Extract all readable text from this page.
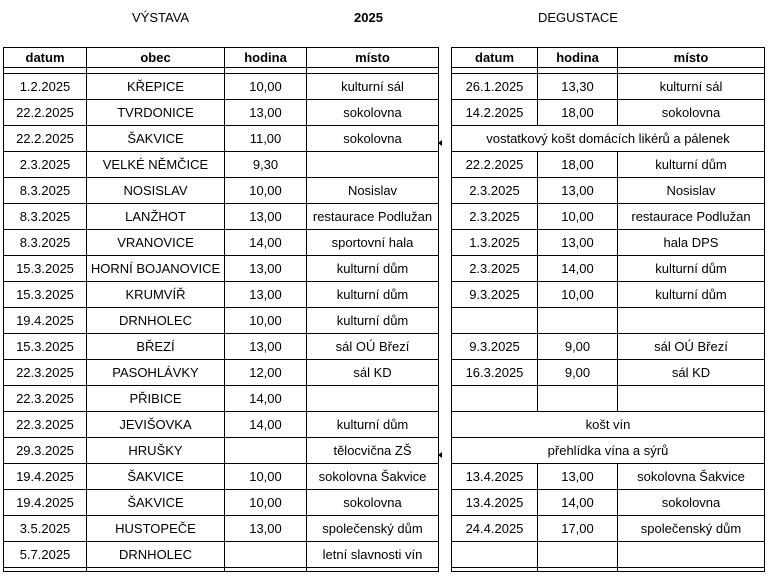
VÝSTAVA	2025	DEGUSTACE
datum	obec	hodina	místo

1.2.2025	KŘEPICE	10,00	kulturní sál
22.2.2025	TVRDONICE	13,00	sokolovna
22.2.2025	ŠAKVICE	11,00	sokolovna
2.3.2025	VELKÉ NĚMČICE	9,30	
8.3.2025	NOSISLAV	10,00	Nosislav
8.3.2025	LANŽHOT	13,00	restaurace Podlužan
8.3.2025	VRANOVICE	14,00	sportovní hala
15.3.2025	HORNÍ BOJANOVICE	13,00	kulturní dům
15.3.2025	KRUMVÍŘ	13,00	kulturní dům
19.4.2025	DRNHOLEC	10,00	kulturní dům
15.3.2025	BŘEZÍ	13,00	sál OÚ Březí
22.3.2025	PASOHLÁVKY	12,00	sál KD
22.3.2025	PŘIBICE	14,00	
22.3.2025	JEVIŠOVKA	14,00	kulturní dům
29.3.2025	HRUŠKY		tělocvična ZŠ
19.4.2025	ŠAKVICE	10,00	sokolovna Šakvice
19.4.2025	ŠAKVICE	10,00	sokolovna
3.5.2025	HUSTOPEČE	13,00	společenský dům
5.7.2025	DRNHOLEC		letní slavnosti vín

datum	hodina	místo

26.1.2025	13,30	kulturní sál
14.2.2025	18,00	sokolovna
vostatkový košt domácích likérů a pálenek		
22.2.2025	18,00	kulturní dům
2.3.2025	13,00	Nosislav
2.3.2025	10,00	restaurace Podlužan
1.3.2025	13,00	hala DPS
2.3.2025	14,00	kulturní dům
9.3.2025	10,00	kulturní dům

9.3.2025	9,00	sál OÚ Březí
16.3.2025	9,00	sál KD

košt vín		
přehlídka vína a sýrů		
13.4.2025	13,00	sokolovna Šakvice
13.4.2025	14,00	sokolovna
24.4.2025	17,00	společenský dům
